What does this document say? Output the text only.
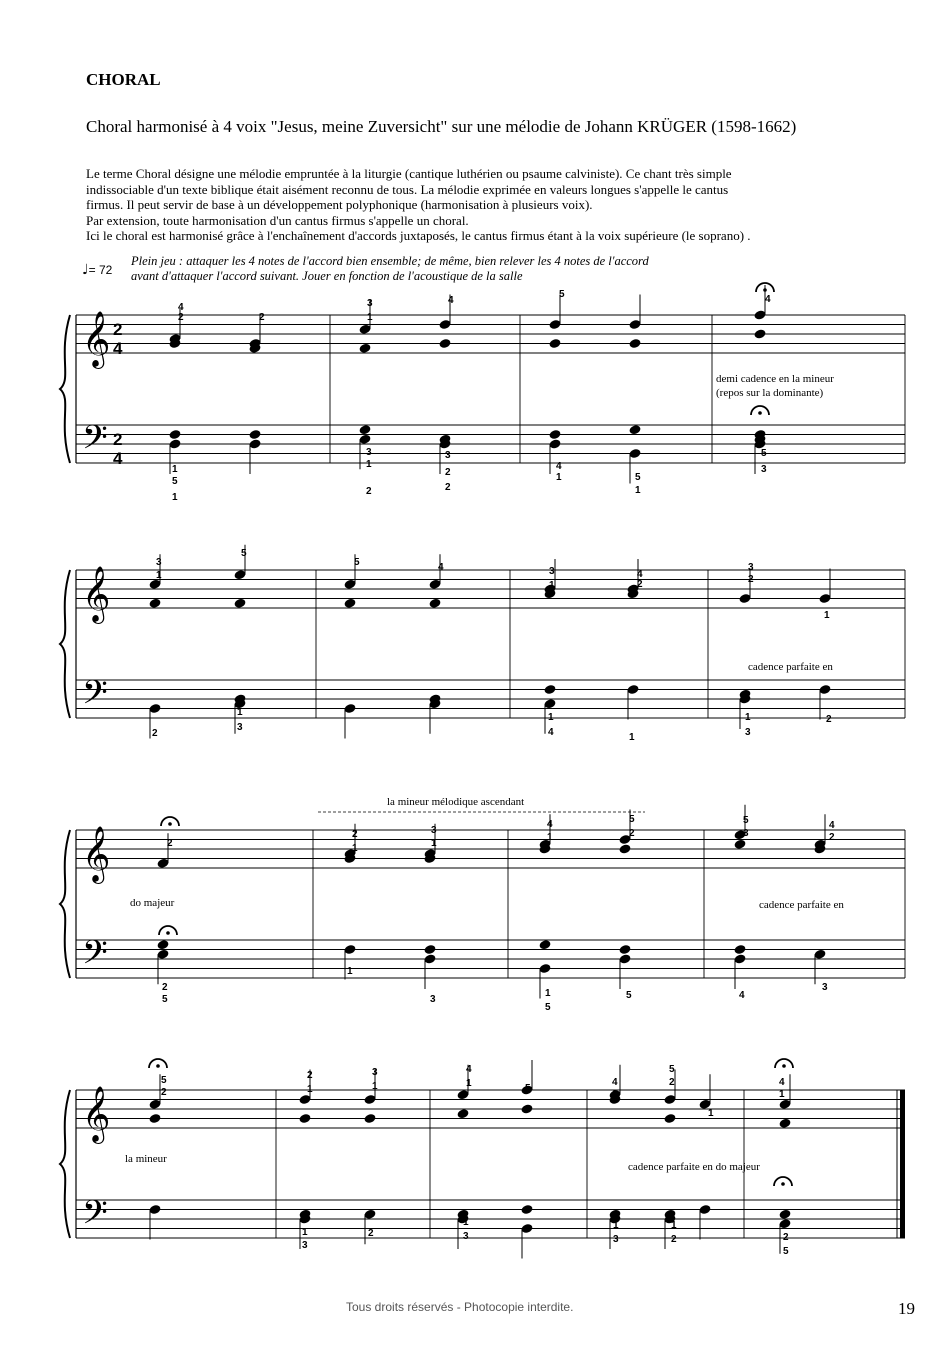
CHORAL
Choral harmonisé à 4 voix "Jesus, meine Zuversicht" sur une mélodie de Johann KRÜGER (1598-1662)

Le terme Choral désigne une mélodie empruntée à la liturgie (cantique luthérien ou psaume calviniste). Ce chant très simple

indissociable d'un texte biblique était aisément reconnu de tous. La mélodie exprimée en valeurs longues s'appelle le cantus

firmus. Il peut servir de base à un développement polyphonique (harmonisation à plusieurs voix).

Par extension, toute harmonisation d'un cantus firmus s'appelle un choral.

Ici le choral est harmonisé grâce à l'enchaînement d'accords juxtaposés, le cantus firmus étant à la voix supérieure (le soprano) .

♩= 72
Plein jeu : attaquer les 4 notes de l'accord bien ensemble; de même, bien relever les 4 notes de l'accord
avant d'attaquer l'accord suivant. Jouer en fonction de l'acoustique de la salle
𝄞
𝄢
𝄞
𝄢
𝄞
𝄢
𝄞
𝄢
4
2	2
3
1
4
5	4
1
5
3
1
2
3
2
4
1	5
1
5
3
1
2
3
1
5
5	4	3
1
4
2
3
2
1
2
1
3
1
4	1
1
3
2
2
2
1
3
1
4
1
5
2
5
3
4
2
2
5
1
3
1
5
5	4
3
5
2
2
1
3
1
4
1	5
4
1
5
2
1
4
1
1
3
5
2
1
3
1
3
1
2	2
5
2
4
2
4
demi cadence en la mineur
(repos sur la dominante)
cadence parfaite en
do majeur
la mineur mélodique ascendant
cadence parfaite en
la mineur
cadence parfaite en do majeur
Tous droits réservés - Photocopie interdite.	19
